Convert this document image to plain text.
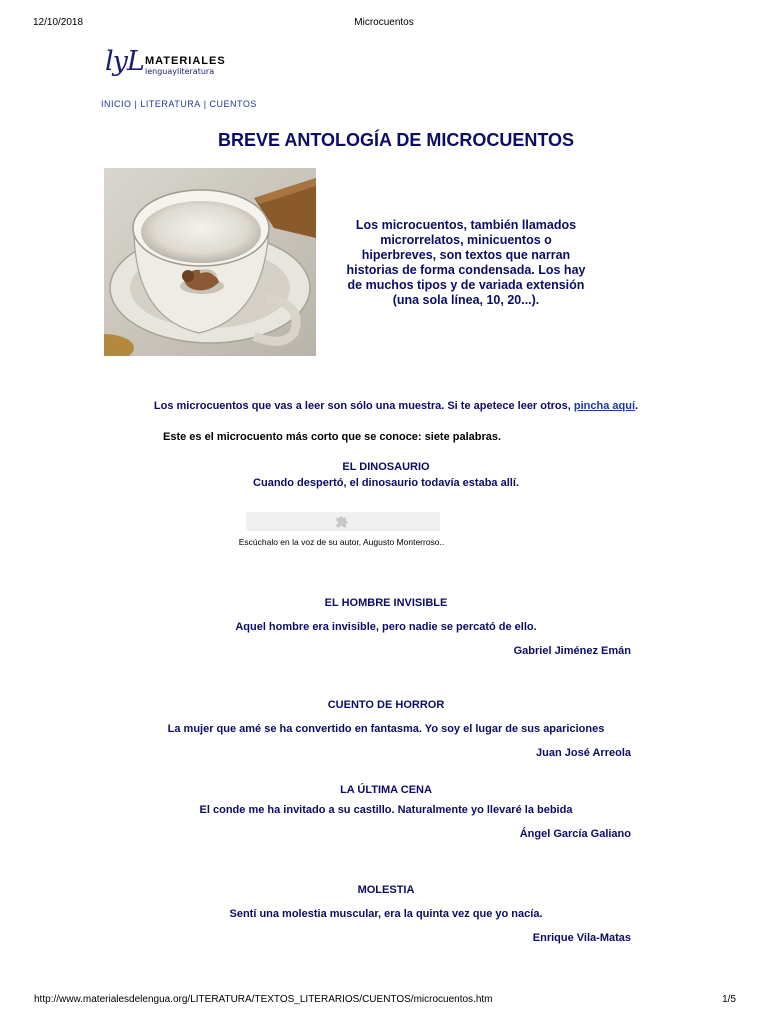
12/10/2018	Microcuentos
lyL MATERIALES
lenguayliteratura
INICIO | LITERATURA | CUENTOS
BREVE ANTOLOGÍA DE MICROCUENTOS
Los microcuentos, también llamados microrrelatos, minicuentos o hiperbreves, son textos que narran historias de forma condensada. Los hay de muchos tipos y de variada extensión (una sola línea, 10, 20...).
Los microcuentos que vas a leer son sólo una muestra. Si te apetece leer otros, pincha aquí.
Este es el microcuento más corto que se conoce: siete palabras.
EL DINOSAURIO
Cuando despertó, el dinosaurio todavía estaba allí.
Escúchalo en la voz de su autor, Augusto Monterroso..
EL HOMBRE INVISIBLE
Aquel hombre era invisible, pero nadie se percató de ello.
Gabriel Jiménez Emán
CUENTO DE HORROR
La mujer que amé se ha convertido en fantasma. Yo soy el lugar de sus apariciones
Juan José Arreola
LA ÚLTIMA CENA
El conde me ha invitado a su castillo. Naturalmente yo llevaré la bebida
Ángel García Galiano
MOLESTIA
Sentí una molestia muscular, era la quinta vez que yo nacía.
Enrique Vila-Matas
http://www.materialesdelengua.org/LITERATURA/TEXTOS_LITERARIOS/CUENTOS/microcuentos.htm	1/5
